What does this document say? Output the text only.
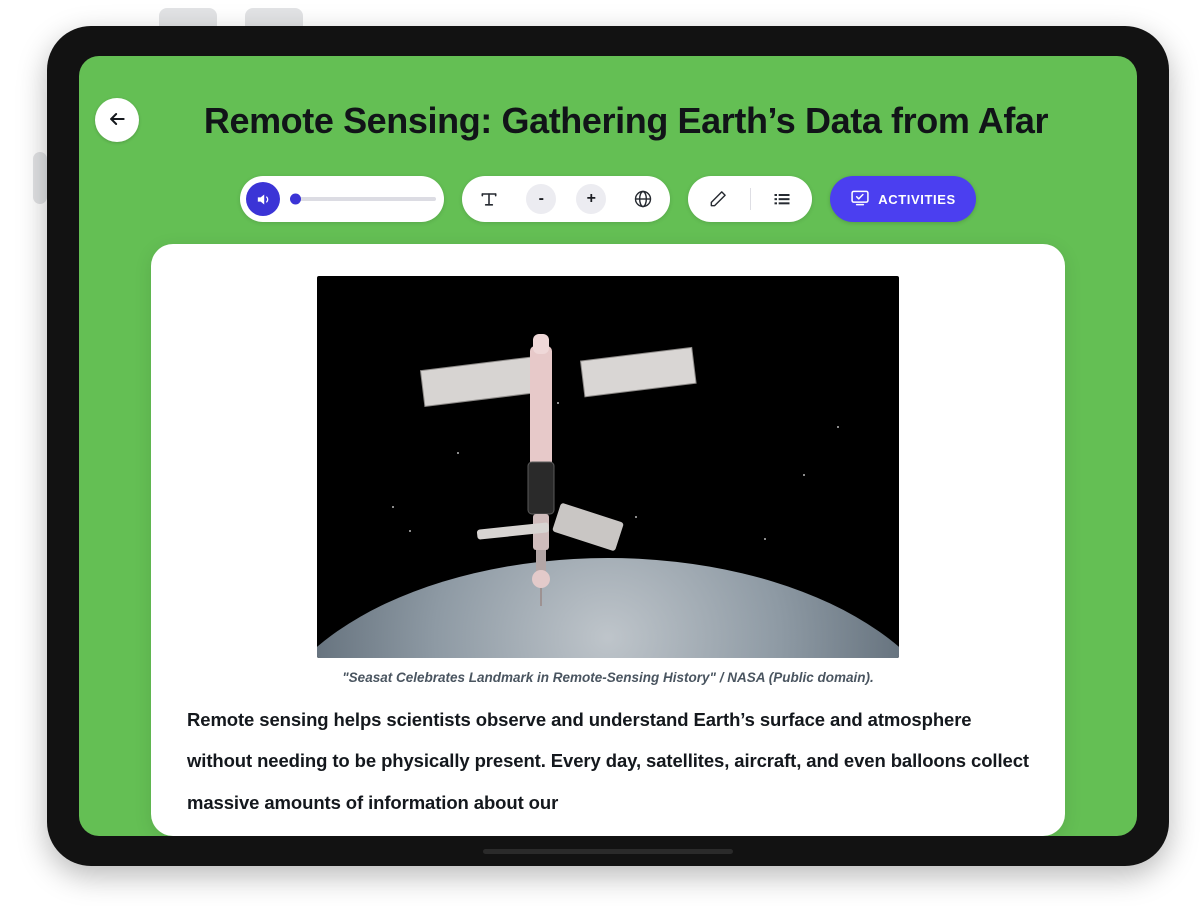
Remote Sensing: Gathering Earth’s Data from Afar
-	+	ACTIVITIES
"Seasat Celebrates Landmark in Remote-Sensing History" / NASA (Public domain).

Remote sensing helps scientists observe and understand Earth’s surface and atmosphere without needing to be physically present. Every day, satellites, aircraft, and even balloons collect massive amounts of information about our
